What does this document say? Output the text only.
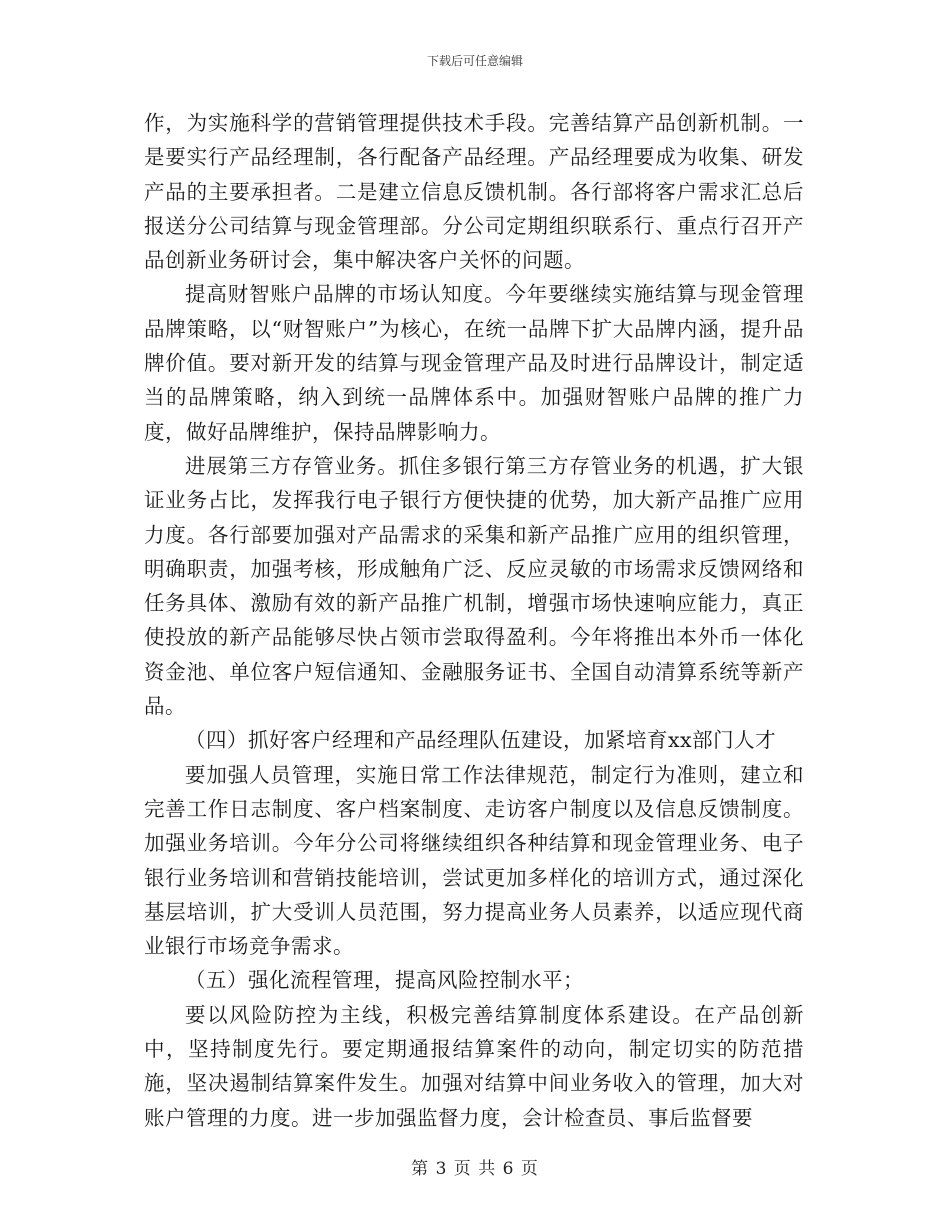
下载后可任意编辑

作，为实施科学的营销管理提供技术手段。完善结算产品创新机制。一是要实行产品经理制，各行配备产品经理。产品经理要成为收集、研发产品的主要承担者。二是建立信息反馈机制。各行部将客户需求汇总后报送分公司结算与现金管理部。分公司定期组织联系行、重点行召开产品创新业务研讨会，集中解决客户关怀的问题。

提高财智账户品牌的市场认知度。今年要继续实施结算与现金管理品牌策略，以“财智账户”为核心，在统一品牌下扩大品牌内涵，提升品牌价值。要对新开发的结算与现金管理产品及时进行品牌设计，制定适当的品牌策略，纳入到统一品牌体系中。加强财智账户品牌的推广力度，做好品牌维护，保持品牌影响力。

进展第三方存管业务。抓住多银行第三方存管业务的机遇，扩大银证业务占比，发挥我行电子银行方便快捷的优势，加大新产品推广应用力度。各行部要加强对产品需求的采集和新产品推广应用的组织管理，明确职责，加强考核，形成触角广泛、反应灵敏的市场需求反馈网络和任务具体、激励有效的新产品推广机制，增强市场快速响应能力，真正使投放的新产品能够尽快占领市尝取得盈利。今年将推出本外币一体化资金池、单位客户短信通知、金融服务证书、全国自动清算系统等新产品。

（四）抓好客户经理和产品经理队伍建设，加紧培育xx部门人才

要加强人员管理，实施日常工作法律规范，制定行为准则，建立和完善工作日志制度、客户档案制度、走访客户制度以及信息反馈制度。加强业务培训。今年分公司将继续组织各种结算和现金管理业务、电子银行业务培训和营销技能培训，尝试更加多样化的培训方式，通过深化基层培训，扩大受训人员范围，努力提高业务人员素养，以适应现代商业银行市场竞争需求。

（五）强化流程管理，提高风险控制水平；

要以风险防控为主线，积极完善结算制度体系建设。在产品创新中，坚持制度先行。要定期通报结算案件的动向，制定切实的防范措施，坚决遏制结算案件发生。加强对结算中间业务收入的管理，加大对账户管理的力度。进一步加强监督力度，会计检查员、事后监督要

第 3 页 共 6 页
